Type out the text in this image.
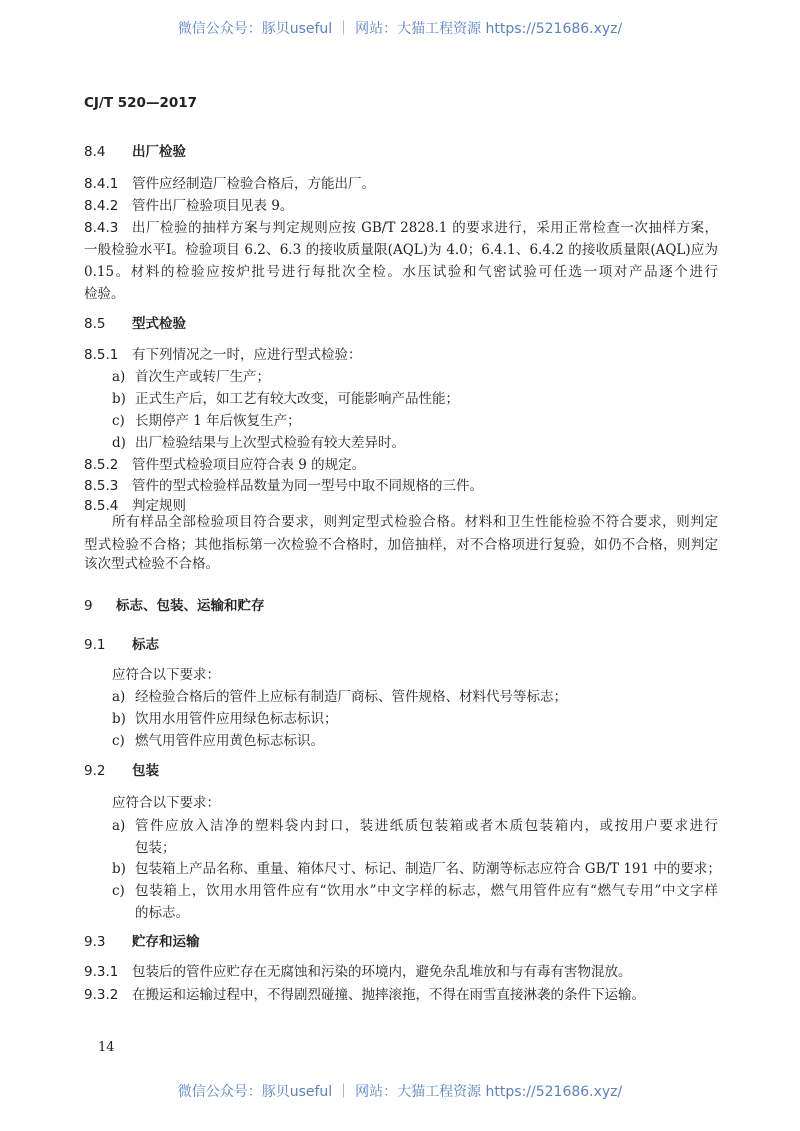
微信公众号：豚贝useful ｜ 网站：大猫工程资源 https://521686.xyz/
CJ/T 520—2017
8.4 出厂检验
8.4.1 管件应经制造厂检验合格后，方能出厂。
8.4.2 管件出厂检验项目见表 9。
8.4.3	出厂检验的抽样方案与判定规则应按 GB/T 2828.1 的要求进行，采用正常检查一次抽样方案，
一般检验水平Ⅰ。检验项目 6.2、6.3 的接收质量限(AQL)为 4.0；6.4.1、6.4.2 的接收质量限(AQL)应为
0.15。材料的检验应按炉批号进行每批次全检。水压试验和气密试验可任选一项对产品逐个进行
检验。
8.5 型式检验
8.5.1 有下列情况之一时，应进行型式检验：
a) 首次生产或转厂生产；
b) 正式生产后，如工艺有较大改变，可能影响产品性能；
c) 长期停产 1 年后恢复生产；
d) 出厂检验结果与上次型式检验有较大差异时。
8.5.2 管件型式检验项目应符合表 9 的规定。
8.5.3 管件的型式检验样品数量为同一型号中取不同规格的三件。
8.5.4 判定规则
所有样品全部检验项目符合要求，则判定型式检验合格。材料和卫生性能检验不符合要求，则判定
型式检验不合格；其他指标第一次检验不合格时，加倍抽样，对不合格项进行复验，如仍不合格，则判定
该次型式检验不合格。
9 标志、包装、运输和贮存
9.1 标志
应符合以下要求：
a) 经检验合格后的管件上应标有制造厂商标、管件规格、材料代号等标志；
b) 饮用水用管件应用绿色标志标识；
c) 燃气用管件应用黄色标志标识。
9.2 包装
应符合以下要求：
a) 管件应放入洁净的塑料袋内封口，装进纸质包装箱或者木质包装箱内，或按用户要求进行
包装；
b) 包装箱上产品名称、重量、箱体尺寸、标记、制造厂名、防潮等标志应符合 GB/T 191 中的要求；
c) 包装箱上，饮用水用管件应有“饮用水”中文字样的标志，燃气用管件应有“燃气专用”中文字样
的标志。
9.3 贮存和运输
9.3.1 包装后的管件应贮存在无腐蚀和污染的环境内，避免杂乱堆放和与有毒有害物混放。
9.3.2 在搬运和运输过程中，不得剧烈碰撞、抛摔滚拖，不得在雨雪直接淋袭的条件下运输。
14
微信公众号：豚贝useful ｜ 网站：大猫工程资源 https://521686.xyz/
